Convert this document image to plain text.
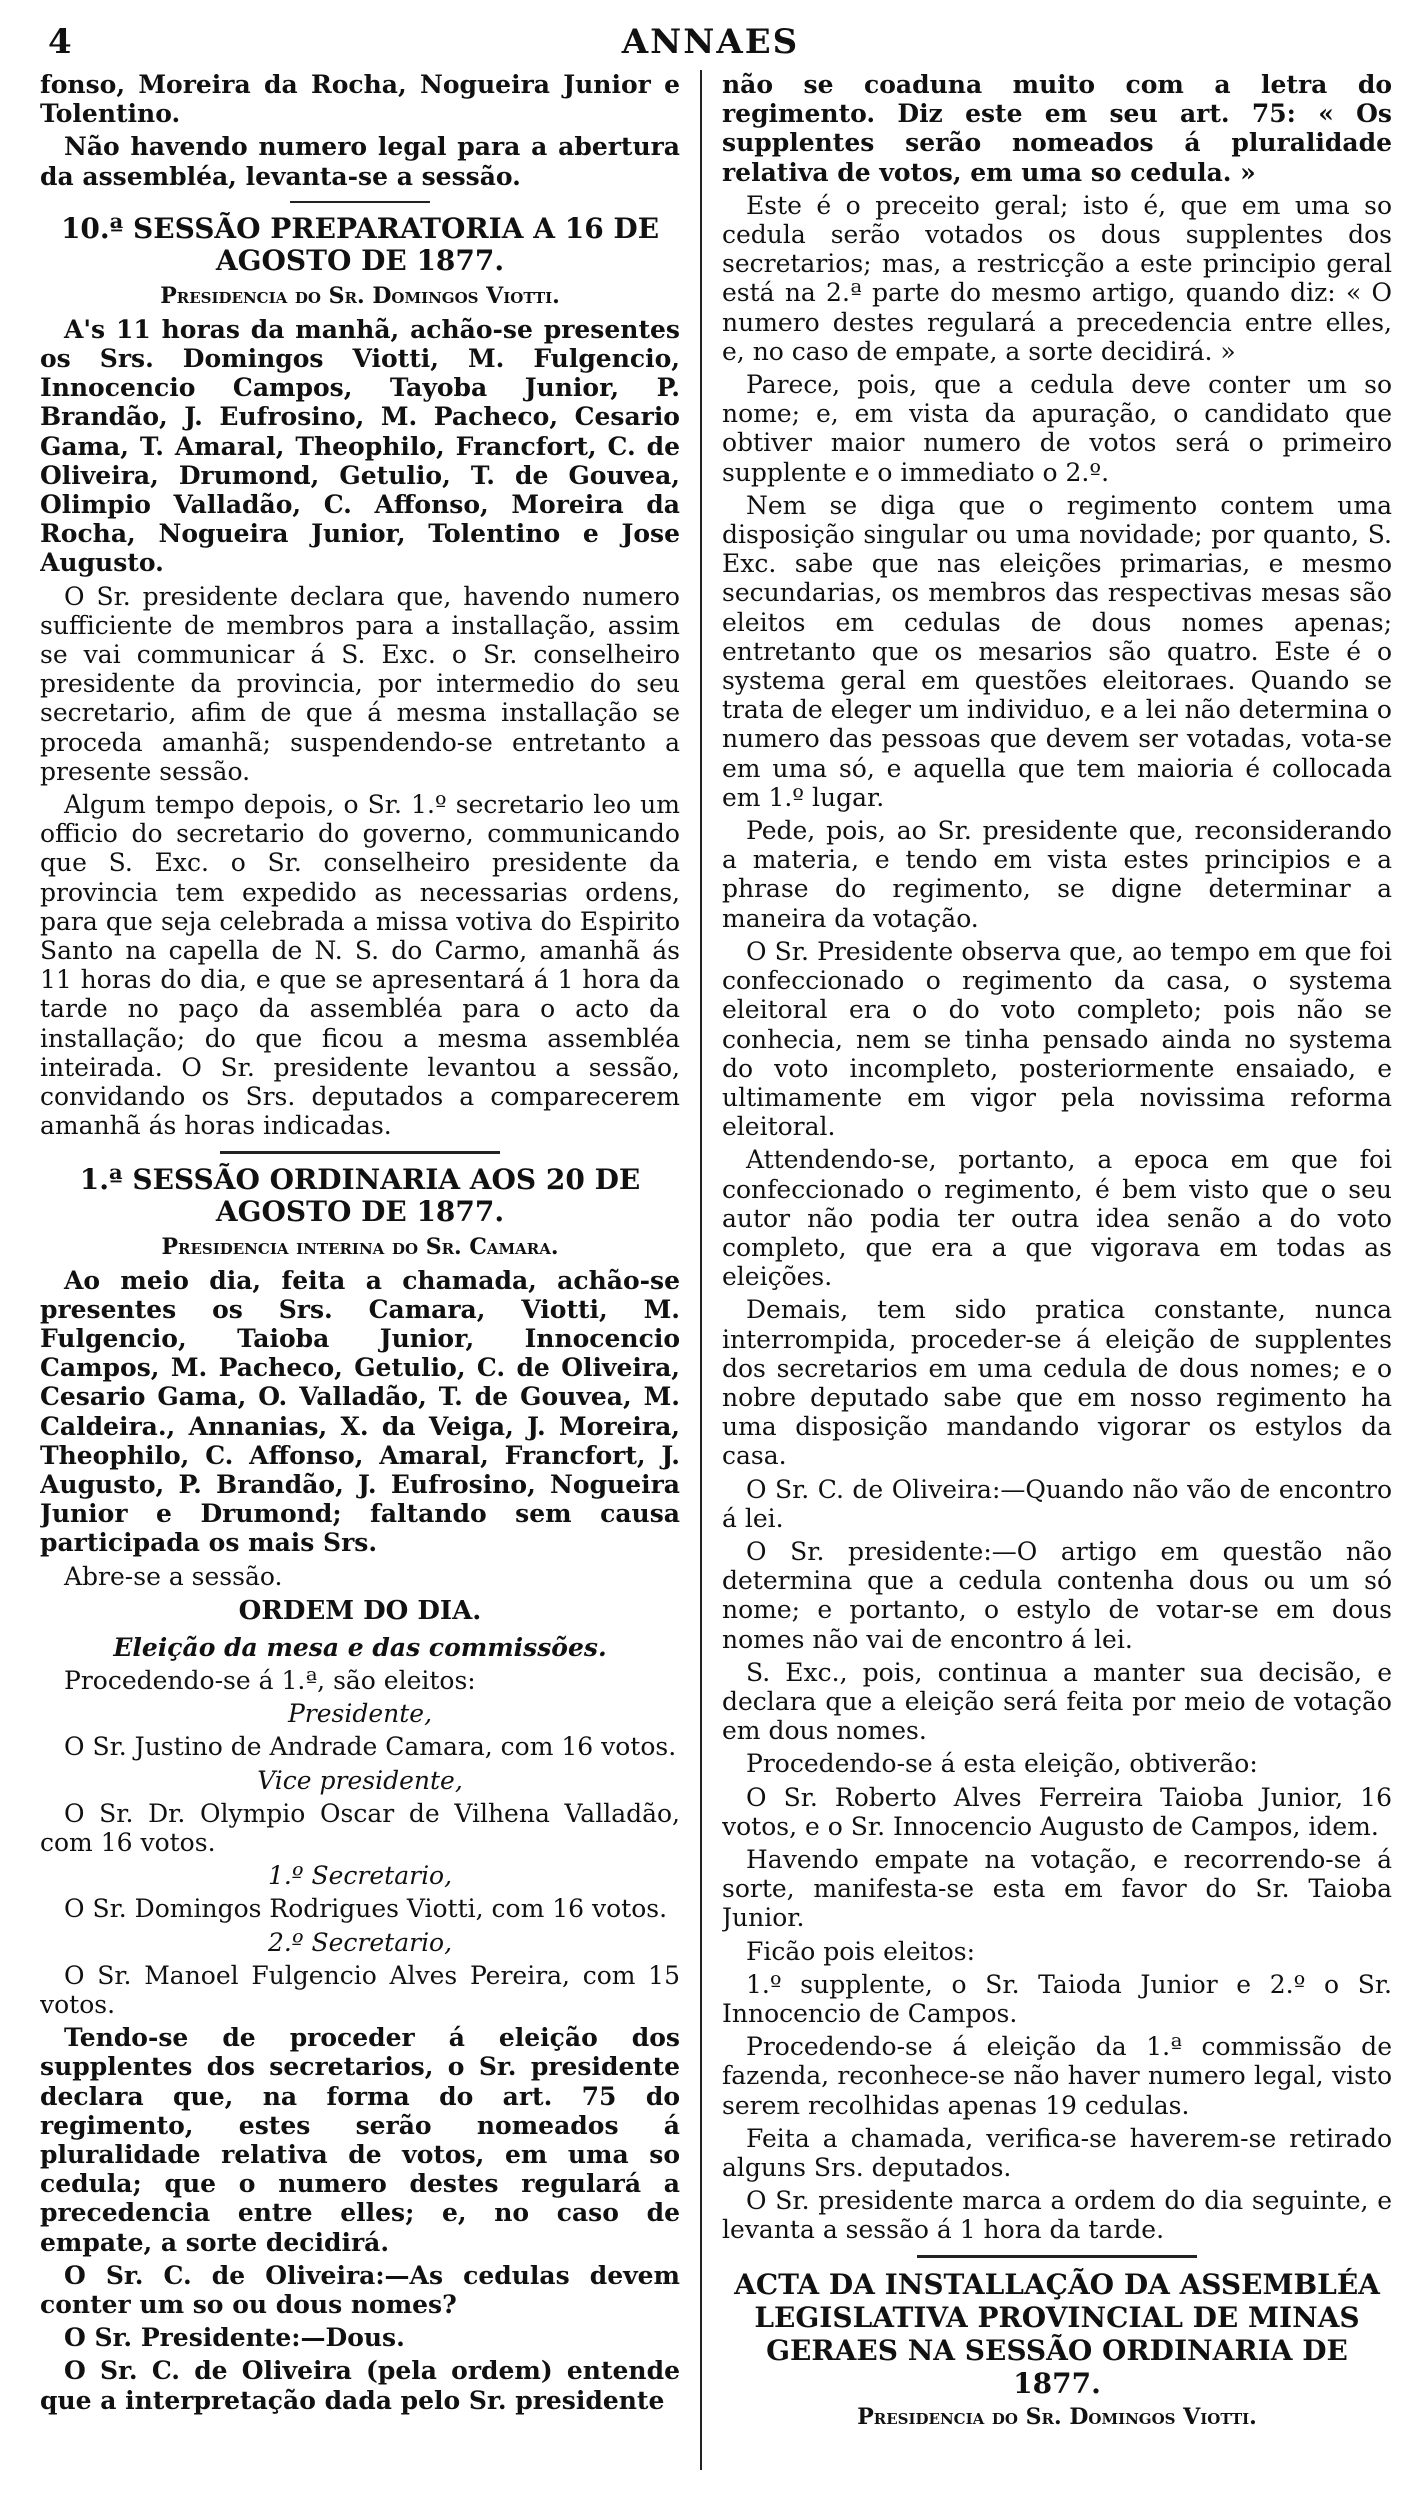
4	ANNAES

fonso, Moreira da Rocha, Nogueira Junior e Tolentino.

Não havendo numero legal para a abertura da assembléa, levanta-se a sessão.

10.ª SESSÃO PREPARATORIA A 16 DE AGOSTO DE 1877.
Presidencia do Sr. Domingos Viotti.

A's 11 horas da manhã, achão-se presentes os Srs. Domingos Viotti, M. Fulgencio, Innocencio Campos, Tayoba Junior, P. Brandão, J. Eufrosino, M. Pacheco, Cesario Gama, T. Amaral, Theophilo, Francfort, C. de Oliveira, Drumond, Getulio, T. de Gouvea, Olimpio Valladão, C. Affonso, Moreira da Rocha, Nogueira Junior, Tolentino e Jose Augusto.

O Sr. presidente declara que, havendo numero sufficiente de membros para a installação, assim se vai communicar á S. Exc. o Sr. conselheiro presidente da provincia, por intermedio do seu secretario, afim de que á mesma installação se proceda amanhã; suspendendo-se entretanto a presente sessão.

Algum tempo depois, o Sr. 1.º secretario leo um officio do secretario do governo, communicando que S. Exc. o Sr. conselheiro presidente da provincia tem expedido as necessarias ordens, para que seja celebrada a missa votiva do Espirito Santo na capella de N. S. do Carmo, amanhã ás 11 horas do dia, e que se apresentará á 1 hora da tarde no paço da assembléa para o acto da installação; do que ficou a mesma assembléa inteirada. O Sr. presidente levantou a sessão, convidando os Srs. deputados a comparecerem amanhã ás horas indicadas.

1.ª SESSÃO ORDINARIA AOS 20 DE AGOSTO DE 1877.
Presidencia interina do Sr. Camara.

Ao meio dia, feita a chamada, achão-se presentes os Srs. Camara, Viotti, M. Fulgencio, Taioba Junior, Innocencio Campos, M. Pacheco, Getulio, C. de Oliveira, Cesario Gama, O. Valladão, T. de Gouvea, M. Caldeira., Annanias, X. da Veiga, J. Moreira, Theophilo, C. Affonso, Amaral, Francfort, J. Augusto, P. Brandão, J. Eufrosino, Nogueira Junior e Drumond; faltando sem causa participada os mais Srs.

Abre-se a sessão.

ORDEM DO DIA.

Eleição da mesa e das commissões.

Procedendo-se á 1.ª, são eleitos:

Presidente,

O Sr. Justino de Andrade Camara, com 16 votos.

Vice presidente,

O Sr. Dr. Olympio Oscar de Vilhena Valladão, com 16 votos.

1.º Secretario,

O Sr. Domingos Rodrigues Viotti, com 16 votos.

2.º Secretario,

O Sr. Manoel Fulgencio Alves Pereira, com 15 votos.

Tendo-se de proceder á eleição dos supplentes dos secretarios, o Sr. presidente declara que, na forma do art. 75 do regimento, estes serão nomeados á pluralidade relativa de votos, em uma so cedula; que o numero destes regulará a precedencia entre elles; e, no caso de empate, a sorte decidirá.

O Sr. C. de Oliveira:—As cedulas devem conter um so ou dous nomes?

O Sr. Presidente:—Dous.

O Sr. C. de Oliveira (pela ordem) entende que a interpretação dada pelo Sr. presidente

não se coaduna muito com a letra do regimento. Diz este em seu art. 75: « Os supplentes serão nomeados á pluralidade relativa de votos, em uma so cedula. »

Este é o preceito geral; isto é, que em uma so cedula serão votados os dous supplentes dos secretarios; mas, a restricção a este principio geral está na 2.ª parte do mesmo artigo, quando diz: « O numero destes regulará a precedencia entre elles, e, no caso de empate, a sorte decidirá. »

Parece, pois, que a cedula deve conter um so nome; e, em vista da apuração, o candidato que obtiver maior numero de votos será o primeiro supplente e o immediato o 2.º.

Nem se diga que o regimento contem uma disposição singular ou uma novidade; por quanto, S. Exc. sabe que nas eleições primarias, e mesmo secundarias, os membros das respectivas mesas são eleitos em cedulas de dous nomes apenas; entretanto que os mesarios são quatro. Este é o systema geral em questões eleitoraes. Quando se trata de eleger um individuo, e a lei não determina o numero das pessoas que devem ser votadas, vota-se em uma só, e aquella que tem maioria é collocada em 1.º lugar.

Pede, pois, ao Sr. presidente que, reconsiderando a materia, e tendo em vista estes principios e a phrase do regimento, se digne determinar a maneira da votação.

O Sr. Presidente observa que, ao tempo em que foi confeccionado o regimento da casa, o systema eleitoral era o do voto completo; pois não se conhecia, nem se tinha pensado ainda no systema do voto incompleto, posteriormente ensaiado, e ultimamente em vigor pela novissima reforma eleitoral.

Attendendo-se, portanto, a epoca em que foi confeccionado o regimento, é bem visto que o seu autor não podia ter outra idea senão a do voto completo, que era a que vigorava em todas as eleições.

Demais, tem sido pratica constante, nunca interrompida, proceder-se á eleição de supplentes dos secretarios em uma cedula de dous nomes; e o nobre deputado sabe que em nosso regimento ha uma disposição mandando vigorar os estylos da casa.

O Sr. C. de Oliveira:—Quando não vão de encontro á lei.

O Sr. presidente:—O artigo em questão não determina que a cedula contenha dous ou um só nome; e portanto, o estylo de votar-se em dous nomes não vai de encontro á lei.

S. Exc., pois, continua a manter sua decisão, e declara que a eleição será feita por meio de votação em dous nomes.

Procedendo-se á esta eleição, obtiverão:

O Sr. Roberto Alves Ferreira Taioba Junior, 16 votos, e o Sr. Innocencio Augusto de Campos, idem.

Havendo empate na votação, e recorrendo-se á sorte, manifesta-se esta em favor do Sr. Taioba Junior.

Ficão pois eleitos:

1.º supplente, o Sr. Taioda Junior e 2.º o Sr. Innocencio de Campos.

Procedendo-se á eleição da 1.ª commissão de fazenda, reconhece-se não haver numero legal, visto serem recolhidas apenas 19 cedulas.

Feita a chamada, verifica-se haverem-se retirado alguns Srs. deputados.

O Sr. presidente marca a ordem do dia seguinte, e levanta a sessão á 1 hora da tarde.

ACTA DA INSTALLAÇÃO DA ASSEMBLÉA LEGISLATIVA PROVINCIAL DE MINAS GERAES NA SESSÃO ORDINARIA DE 1877.
Presidencia do Sr. Domingos Viotti.
